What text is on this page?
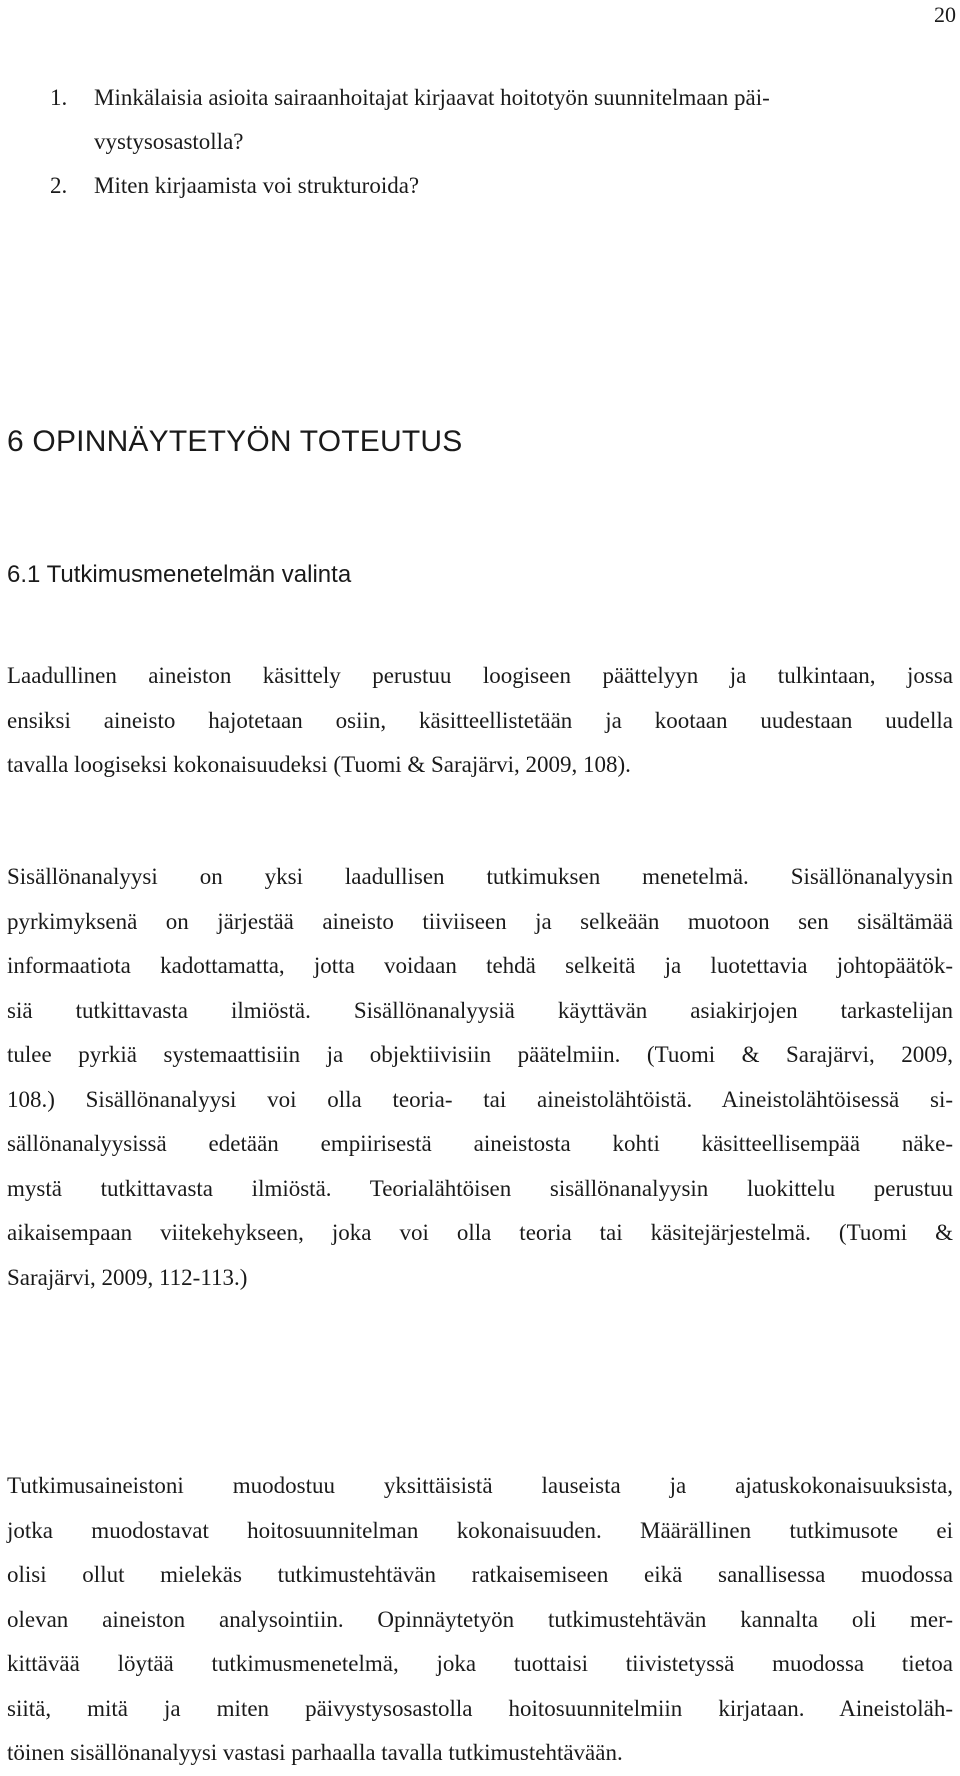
20
1. Minkälaisia asioita sairaanhoitajat kirjaavat hoitotyön suunnitelmaan päi-
vystysosastolla?
2. Miten kirjaamista voi strukturoida?
6 OPINNÄYTETYÖN TOTEUTUS
6.1 Tutkimusmenetelmän valinta

Laadullinen aineiston käsittely perustuu loogiseen päättelyyn ja tulkintaan, jossa
ensiksi aineisto hajotetaan osiin, käsitteellistetään ja kootaan uudestaan uudella
tavalla loogiseksi kokonaisuudeksi (Tuomi & Sarajärvi, 2009, 108).

Sisällönanalyysi on yksi laadullisen tutkimuksen menetelmä. Sisällönanalyysin
pyrkimyksenä on järjestää aineisto tiiviiseen ja selkeään muotoon sen sisältämää
informaatiota kadottamatta, jotta voidaan tehdä selkeitä ja luotettavia johtopäätök-
siä tutkittavasta ilmiöstä. Sisällönanalyysiä käyttävän asiakirjojen tarkastelijan
tulee pyrkiä systemaattisiin ja objektiivisiin päätelmiin. (Tuomi & Sarajärvi, 2009,
108.) Sisällönanalyysi voi olla teoria- tai aineistolähtöistä. Aineistolähtöisessä si-
sällönanalyysissä edetään empiirisestä aineistosta kohti käsitteellisempää näke-
mystä tutkittavasta ilmiöstä. Teorialähtöisen sisällönanalyysin luokittelu perustuu
aikaisempaan viitekehykseen, joka voi olla teoria tai käsitejärjestelmä. (Tuomi &
Sarajärvi, 2009, 112-113.)

Tutkimusaineistoni muodostuu yksittäisistä lauseista ja ajatuskokonaisuuksista,
jotka muodostavat hoitosuunnitelman kokonaisuuden. Määrällinen tutkimusote ei
olisi ollut mielekäs tutkimustehtävän ratkaisemiseen eikä sanallisessa muodossa
olevan aineiston analysointiin. Opinnäytetyön tutkimustehtävän kannalta oli mer-
kittävää löytää tutkimusmenetelmä, joka tuottaisi tiivistetyssä muodossa tietoa
siitä, mitä ja miten päivystysosastolla hoitosuunnitelmiin kirjataan. Aineistoläh-
töinen sisällönanalyysi vastasi parhaalla tavalla tutkimustehtävään.
